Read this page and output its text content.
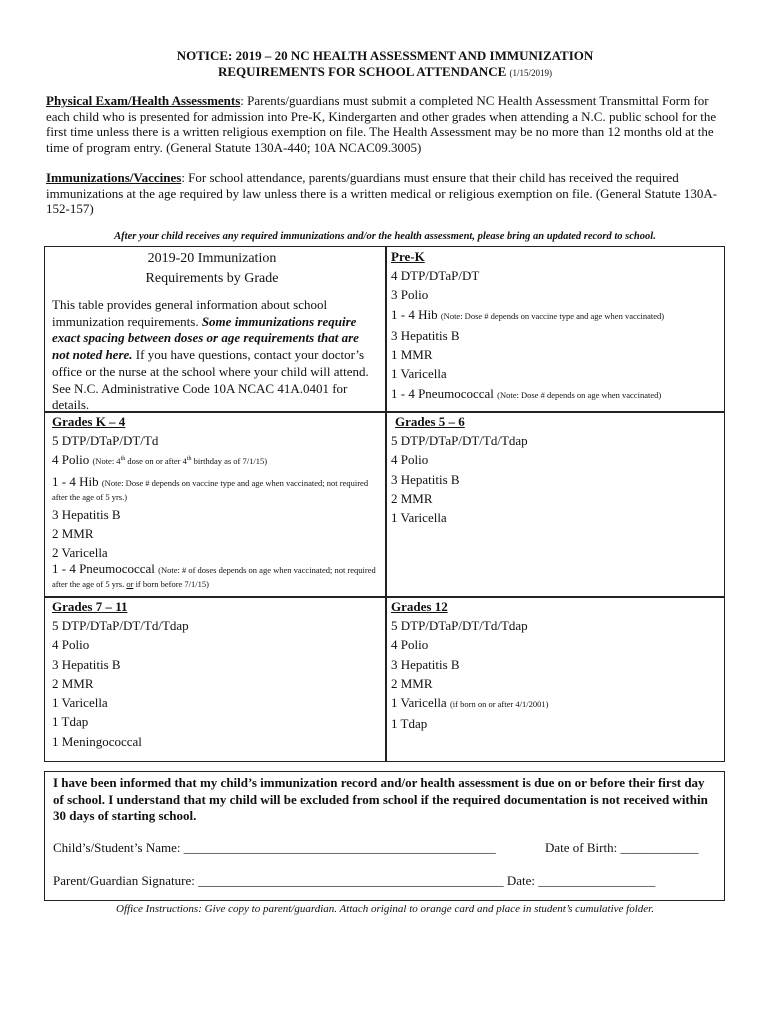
NOTICE: 2019 – 20 NC HEALTH ASSESSMENT AND IMMUNIZATION
REQUIREMENTS FOR SCHOOL ATTENDANCE (1/15/2019)
Physical Exam/Health Assessments: Parents/guardians must submit a completed NC Health Assessment Transmittal Form for each child who is presented for admission into Pre-K, Kindergarten and other grades when attending a N.C. public school for the first time unless there is a written religious exemption on file. The Health Assessment may be no more than 12 months old at the time of program entry. (General Statute 130A-440; 10A NCAC09.3005)
Immunizations/Vaccines: For school attendance, parents/guardians must ensure that their child has received the required immunizations at the age required by law unless there is a written medical or religious exemption on file. (General Statute 130A-152-157)
After your child receives any required immunizations and/or the health assessment, please bring an updated record to school.
2019-20 Immunization
Requirements by Grade
This table provides general information about school immunization requirements. Some immunizations require exact spacing between doses or age requirements that are not noted here. If you have questions, contact your doctor’s office or the nurse at the school where your child will attend. See N.C. Administrative Code 10A NCAC 41A.0401 for details.
Pre-K
4 DTP/DTaP/DT
3 Polio
1 - 4 Hib (Note: Dose # depends on vaccine type and age when vaccinated)
3 Hepatitis B
1 MMR
1 Varicella
1 - 4 Pneumococcal (Note: Dose # depends on age when vaccinated)
Grades K – 4
5 DTP/DTaP/DT/Td
4 Polio (Note: 4th dose on or after 4th birthday as of 7/1/15)
1 - 4 Hib (Note: Dose # depends on vaccine type and age when vaccinated; not required after the age of 5 yrs.)
3 Hepatitis B
2 MMR
2 Varicella
1 - 4 Pneumococcal (Note: # of doses depends on age when vaccinated; not required after the age of 5 yrs. or if born before 7/1/15)
Grades 5 – 6
5 DTP/DTaP/DT/Td/Tdap
4 Polio
3 Hepatitis B
2 MMR
1 Varicella
Grades 7 – 11
5 DTP/DTaP/DT/Td/Tdap
4 Polio
3 Hepatitis B
2 MMR
1 Varicella
1 Tdap
1 Meningococcal
Grades 12
5 DTP/DTaP/DT/Td/Tdap
4 Polio
3 Hepatitis B
2 MMR
1 Varicella (if born on or after 4/1/2001)
1 Tdap
I have been informed that my child’s immunization record and/or health assessment is due on or before their first day of school. I understand that my child will be excluded from school if the required documentation is not received within 30 days of starting school.
Child’s/Student’s Name: ________________________________________________	Date of Birth: ____________
Parent/Guardian Signature: _______________________________________________ Date: __________________
Office Instructions: Give copy to parent/guardian. Attach original to orange card and place in student’s cumulative folder.
